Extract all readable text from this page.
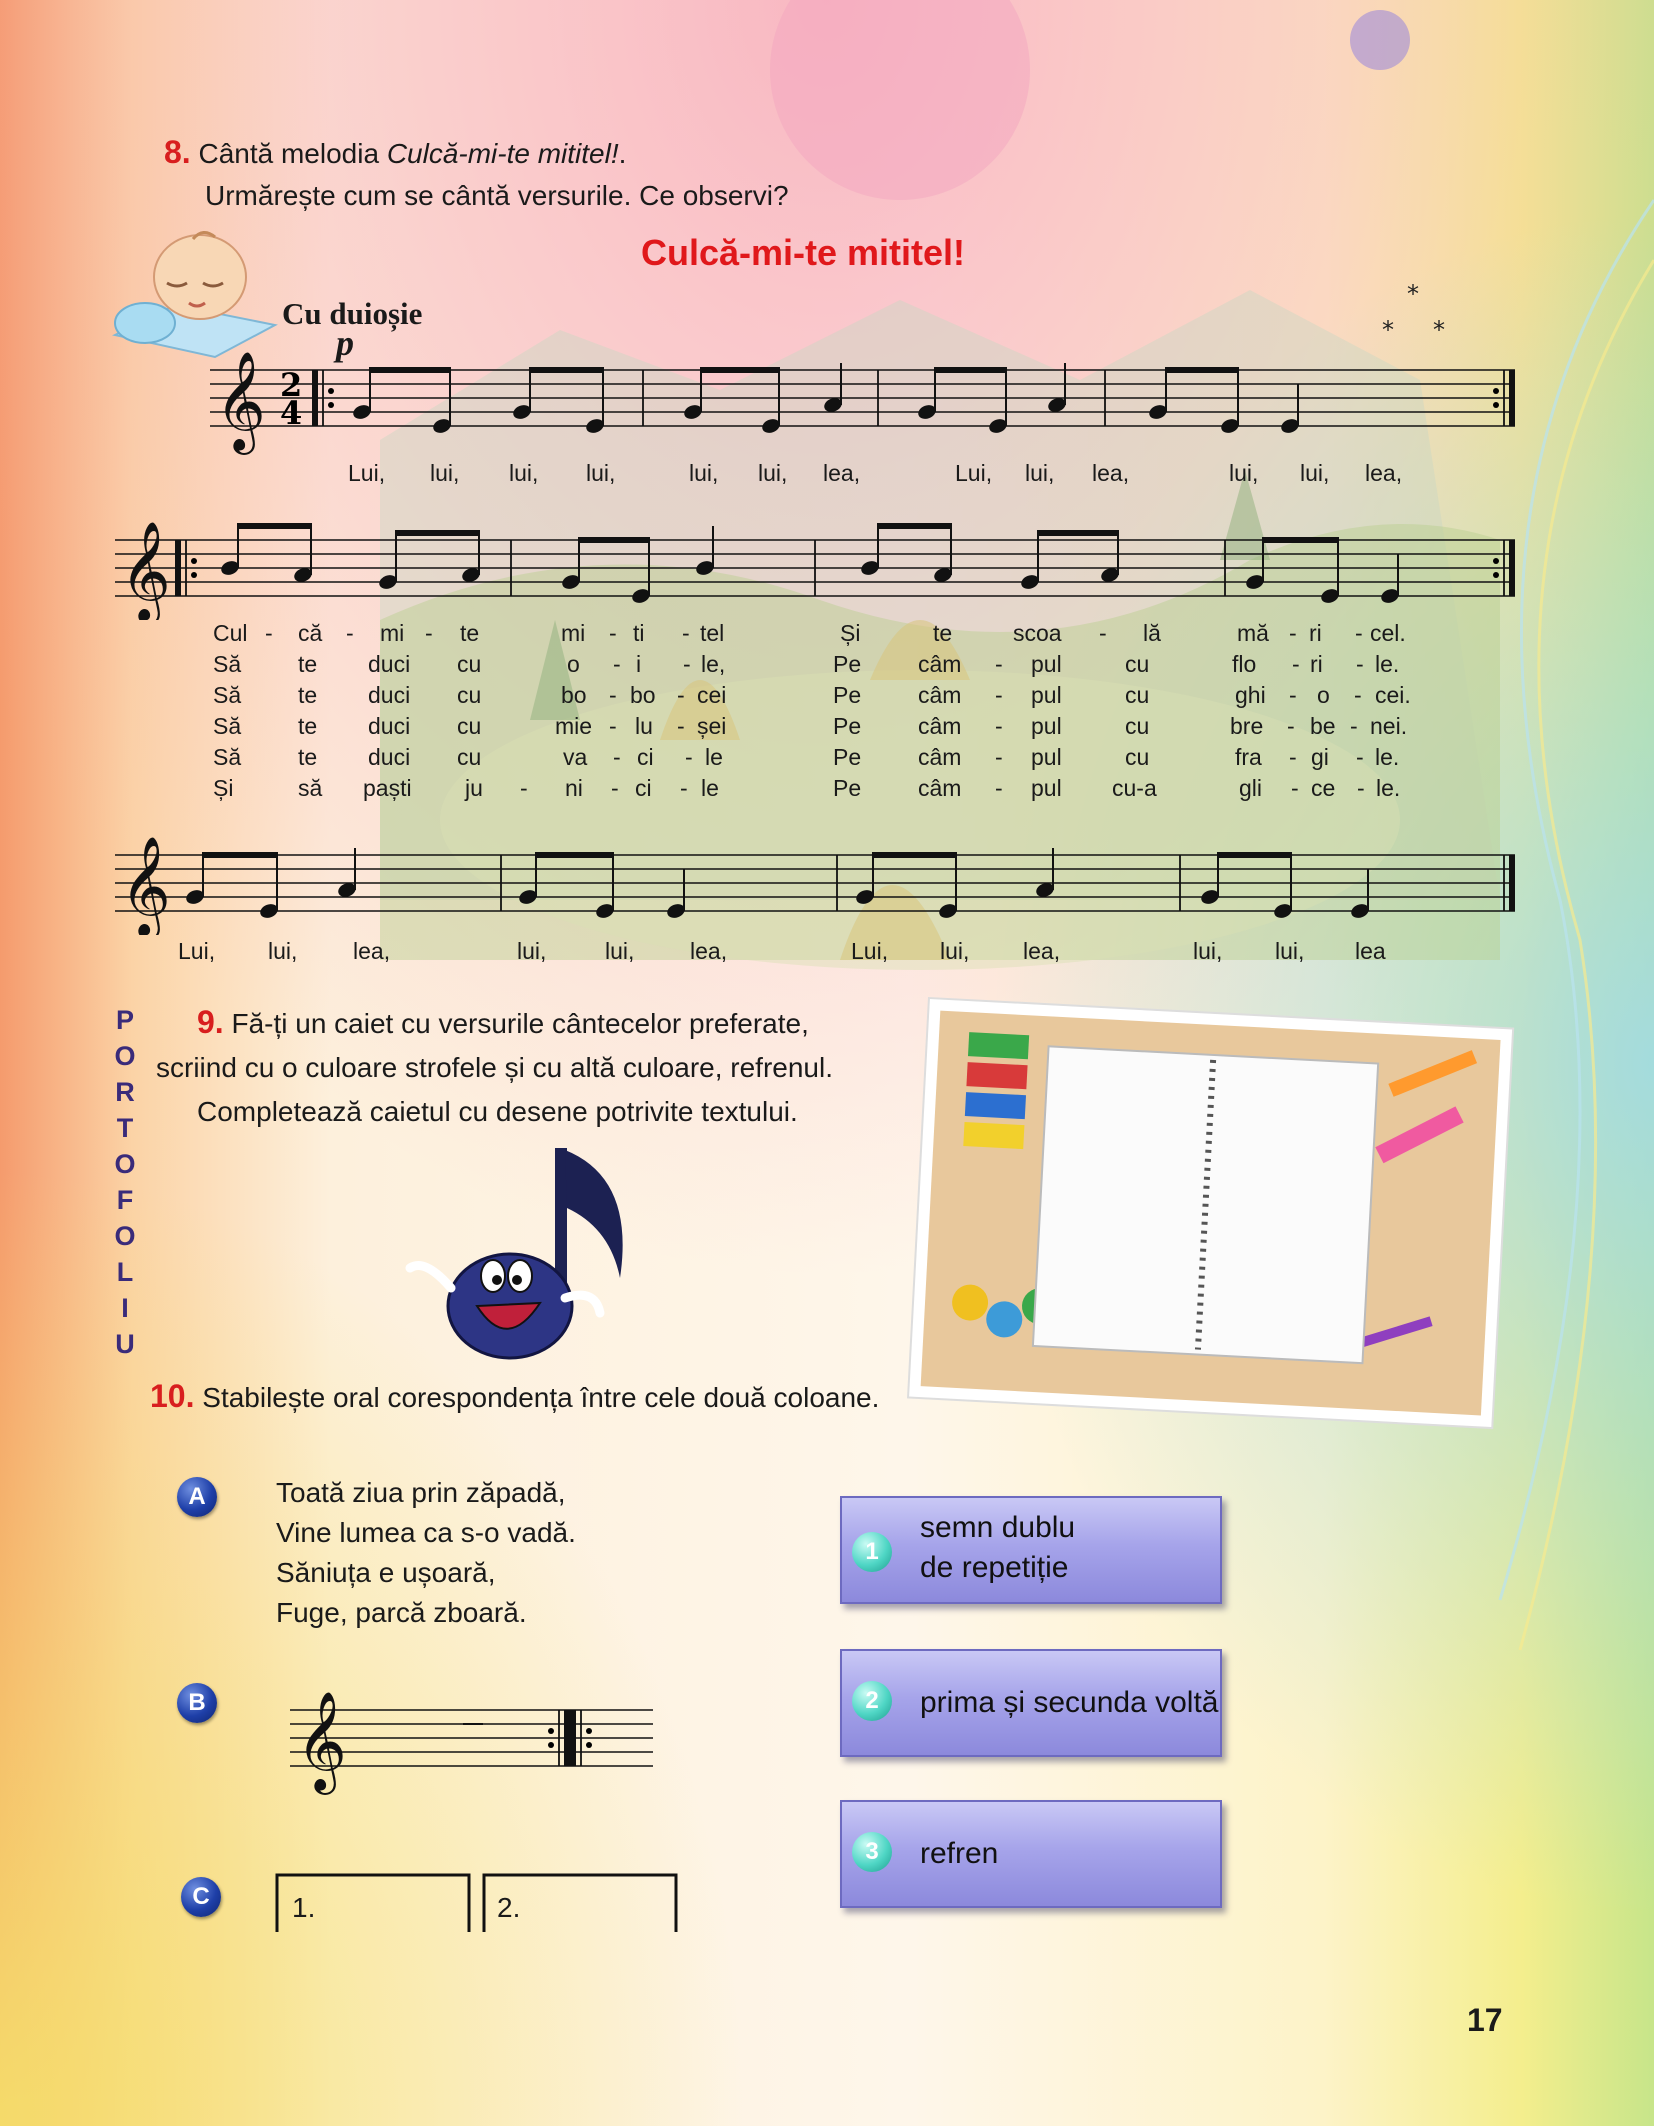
*
* *
8. Cântă melodia Culcă-mi-te mititel!.
Urmărește cum se cântă versurile. Ce observi?
Culcă-mi-te mititel!
Cu duioșie
p
𝄞 2
4
Lui, lui, lui, lui,	lui, lui, lea,	Lui, lui, lea,	lui, lui, lea,
𝄞
Cul - că - mi - te	mi - ti - tel	Și	te	scoa - lă	mă - ri - cel.
Să te duci cu	o - i - le,	Pe câm - pul	cu	flo - ri - le.
Să te duci cu	bo - bo - cei	Pe câm - pul	cu	ghi - o - cei.
Să te duci cu	mie - lu - șei	Pe câm - pul	cu	bre - be - nei.
Să te duci cu	va - ci - le	Pe câm - pul	cu	fra - gi - le.
Și	să paști ju - ni - ci - le	Pe câm - pul cu-a	gli - ce - le.
𝄞
Lui, lui, lea,	lui,	lui, lea,	Lui, lui, lea,	lui, lui, lea
P
O
R
T
O
F
O
L
I
U
9. Fă-ți un caiet cu versurile cântecelor preferate,
scriind cu o culoare strofele și cu altă culoare, refrenul.
Completează caietul cu desene potrivite textului.
10. Stabilește oral corespondența între cele două coloane.
A	Toată ziua prin zăpadă,
Vine lumea ca s-o vadă.
Săniuța e ușoară,
Fuge, parcă zboară.
B 𝄞
C	1.	2.
1
semn dublu
de repetiție
2	prima și secunda voltă
3	refren
17
